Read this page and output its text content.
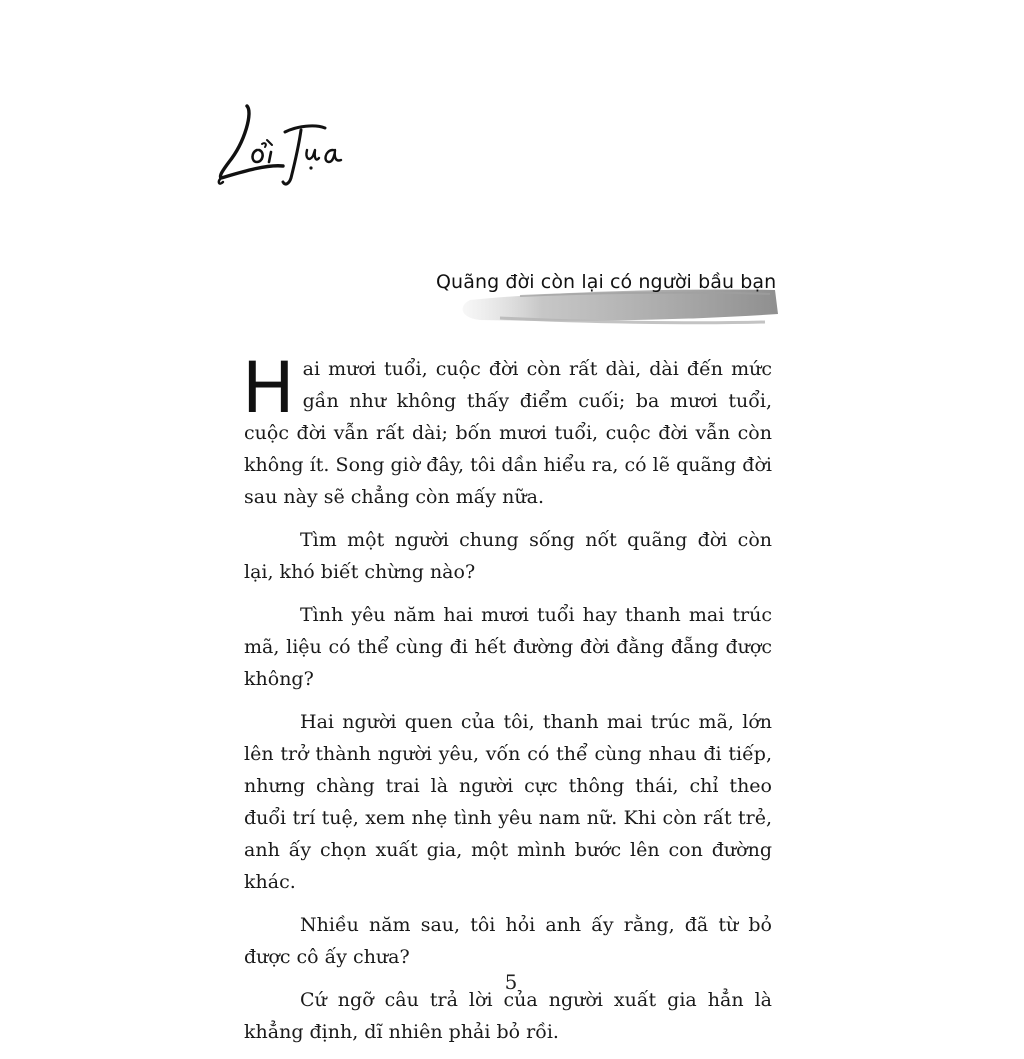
Quãng đời còn lại có người bầu bạn

Hai mươi tuổi, cuộc đời còn rất dài, dài đến mức gần như không thấy điểm cuối; ba mươi tuổi, cuộc đời vẫn rất dài; bốn mươi tuổi, cuộc đời vẫn còn không ít. Song giờ đây, tôi dần hiểu ra, có lẽ quãng đời sau này sẽ chẳng còn mấy nữa.

Tìm một người chung sống nốt quãng đời còn lại, khó biết chừng nào?

Tình yêu năm hai mươi tuổi hay thanh mai trúc mã, liệu có thể cùng đi hết đường đời đằng đẵng được không?

Hai người quen của tôi, thanh mai trúc mã, lớn lên trở thành người yêu, vốn có thể cùng nhau đi tiếp, nhưng chàng trai là người cực thông thái, chỉ theo đuổi trí tuệ, xem nhẹ tình yêu nam nữ. Khi còn rất trẻ, anh ấy chọn xuất gia, một mình bước lên con đường khác.

Nhiều năm sau, tôi hỏi anh ấy rằng, đã từ bỏ được cô ấy chưa?

Cứ ngỡ câu trả lời của người xuất gia hẳn là khẳng định, dĩ nhiên phải bỏ rồi.

5
